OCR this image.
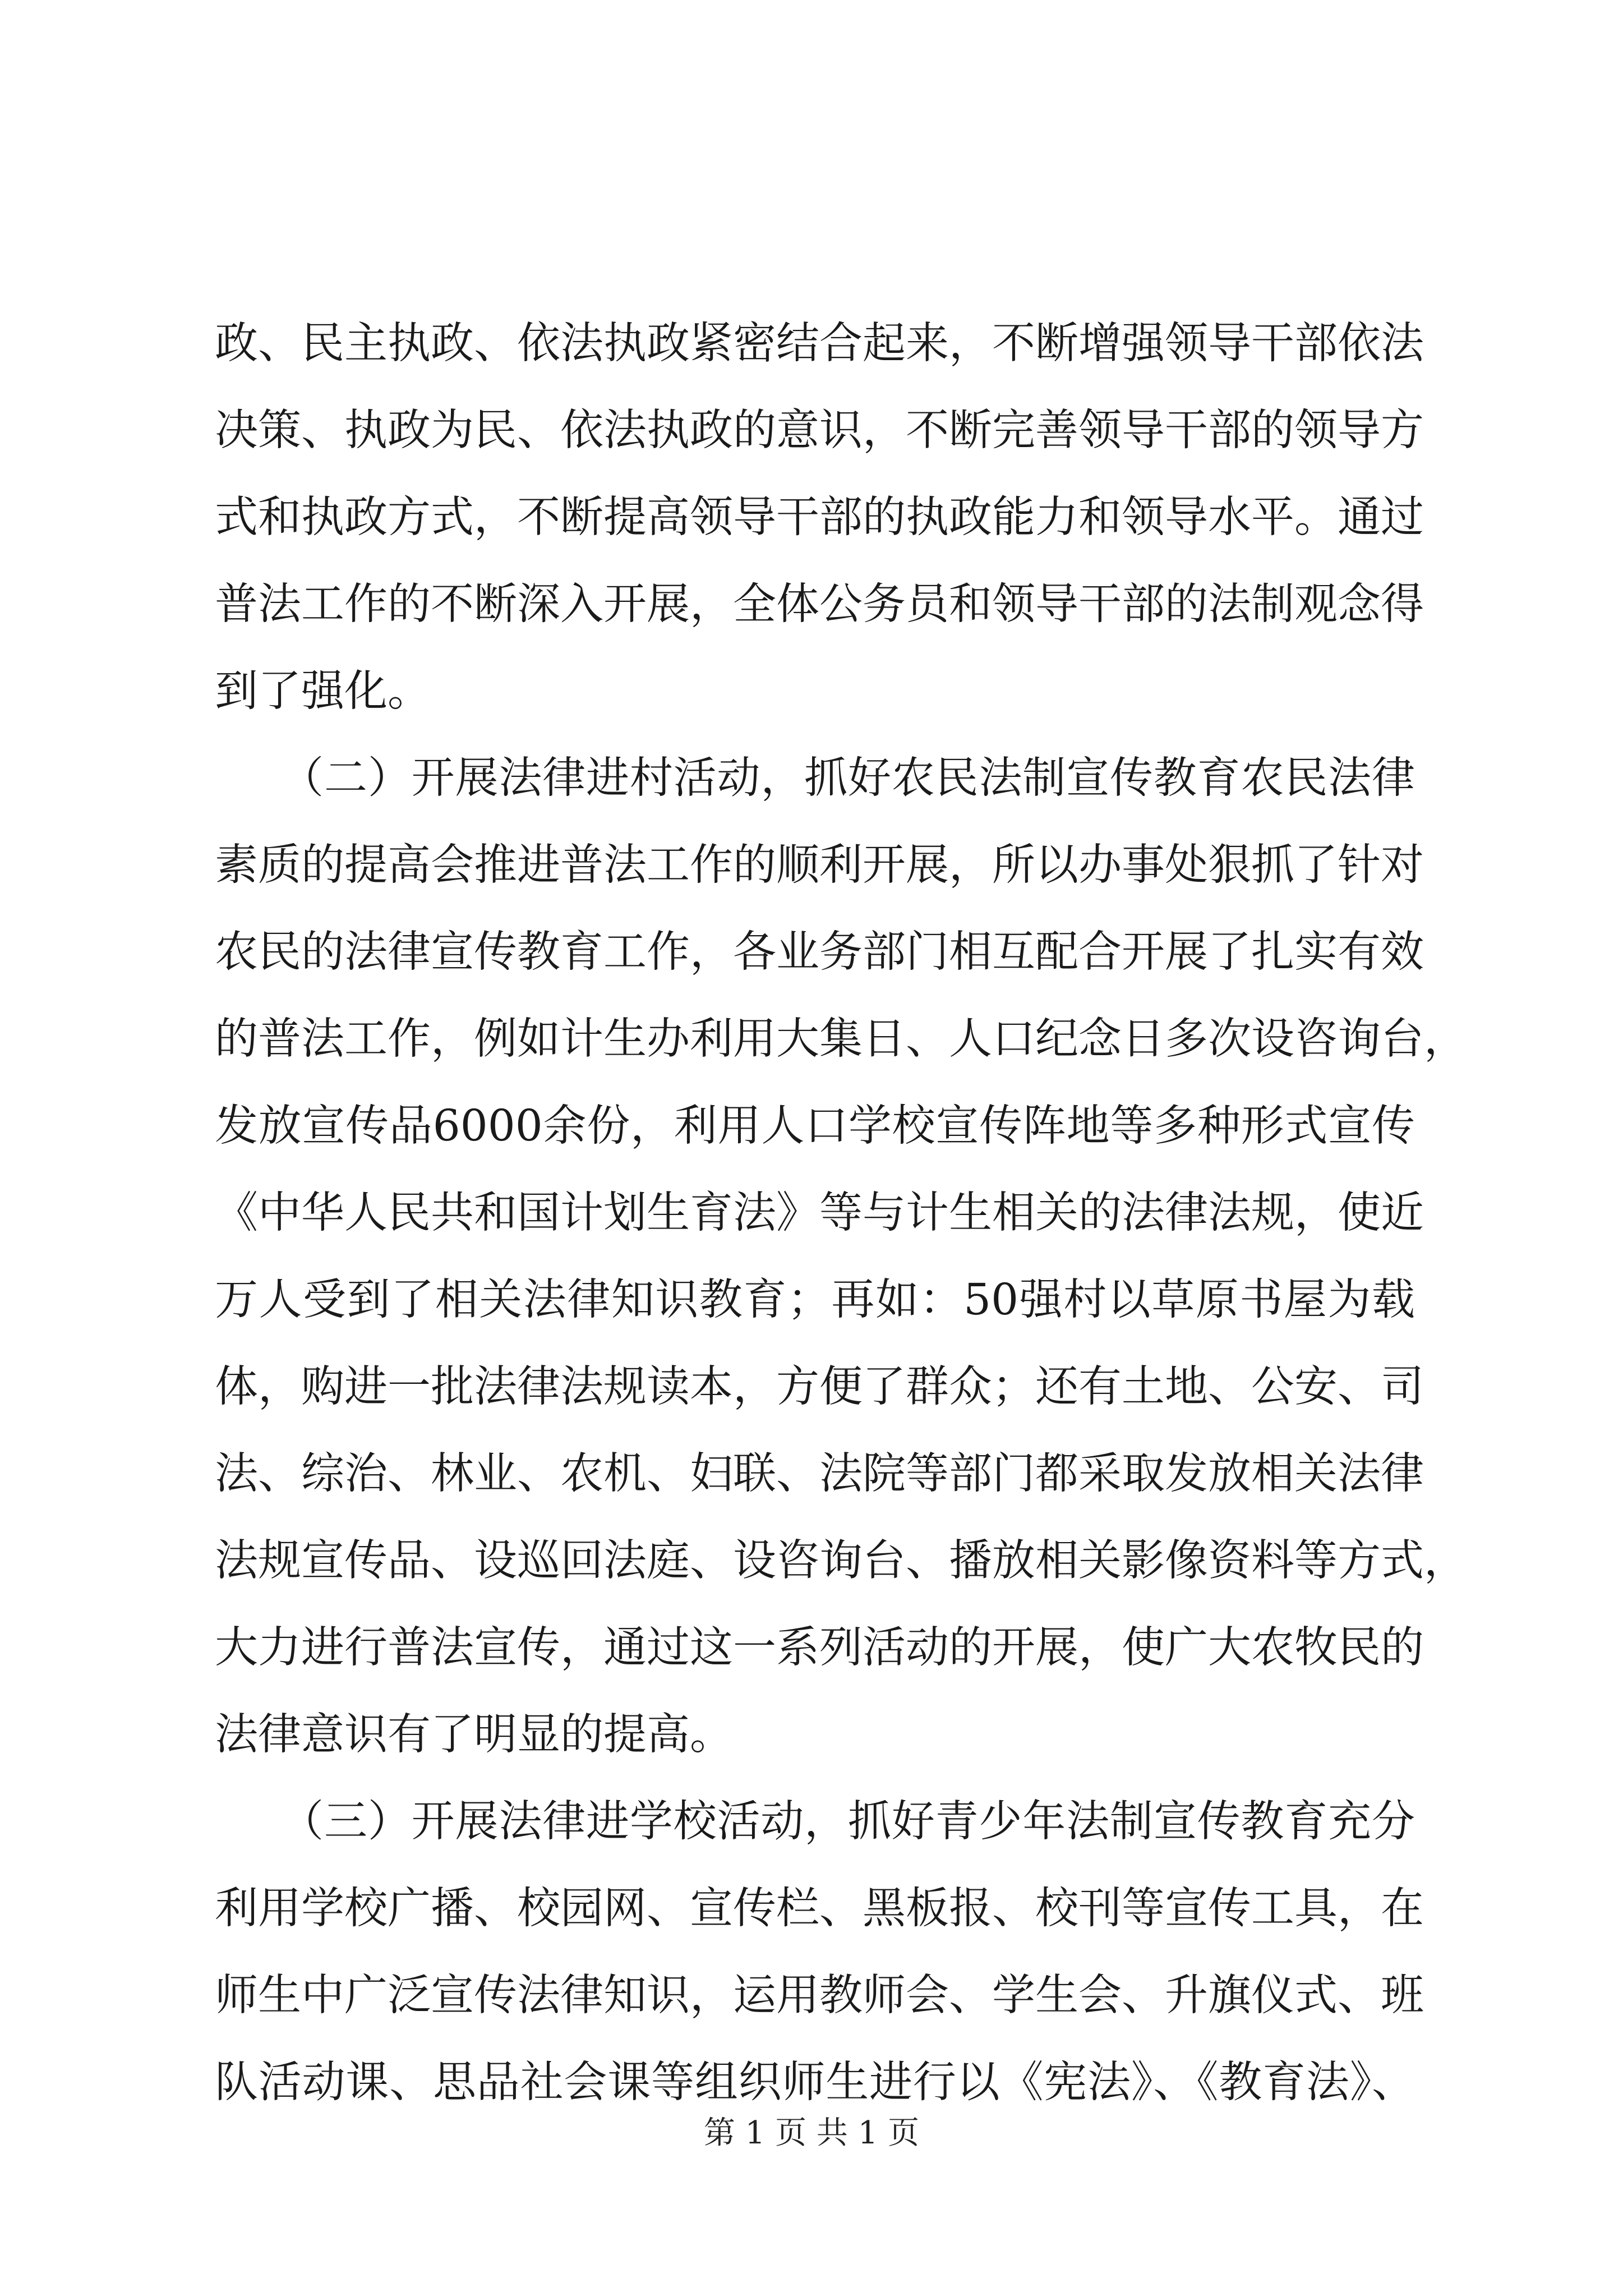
政、民主执政、依法执政紧密结合起来，不断增强领导干部依法
决策、执政为民、依法执政的意识，不断完善领导干部的领导方
式和执政方式，不断提高领导干部的执政能力和领导水平。通过
普法工作的不断深入开展，全体公务员和领导干部的法制观念得
到了强化。
　　（二）开展法律进村活动，抓好农民法制宣传教育农民法律
素质的提高会推进普法工作的顺利开展，所以办事处狠抓了针对
农民的法律宣传教育工作，各业务部门相互配合开展了扎实有效
的普法工作，例如计生办利用大集日、人口纪念日多次设咨询台，
发放宣传品6000余份，利用人口学校宣传阵地等多种形式宣传
《中华人民共和国计划生育法》等与计生相关的法律法规，使近
万人受到了相关法律知识教育；再如：50强村以草原书屋为载
体，购进一批法律法规读本，方便了群众；还有土地、公安、司
法、综治、林业、农机、妇联、法院等部门都采取发放相关法律
法规宣传品、设巡回法庭、设咨询台、播放相关影像资料等方式，
大力进行普法宣传，通过这一系列活动的开展，使广大农牧民的
法律意识有了明显的提高。
　　（三）开展法律进学校活动，抓好青少年法制宣传教育充分
利用学校广播、校园网、宣传栏、黑板报、校刊等宣传工具，在
师生中广泛宣传法律知识，运用教师会、学生会、升旗仪式、班
队活动课、思品社会课等组织师生进行以《宪法》、《教育法》、
第 1 页 共 1 页
